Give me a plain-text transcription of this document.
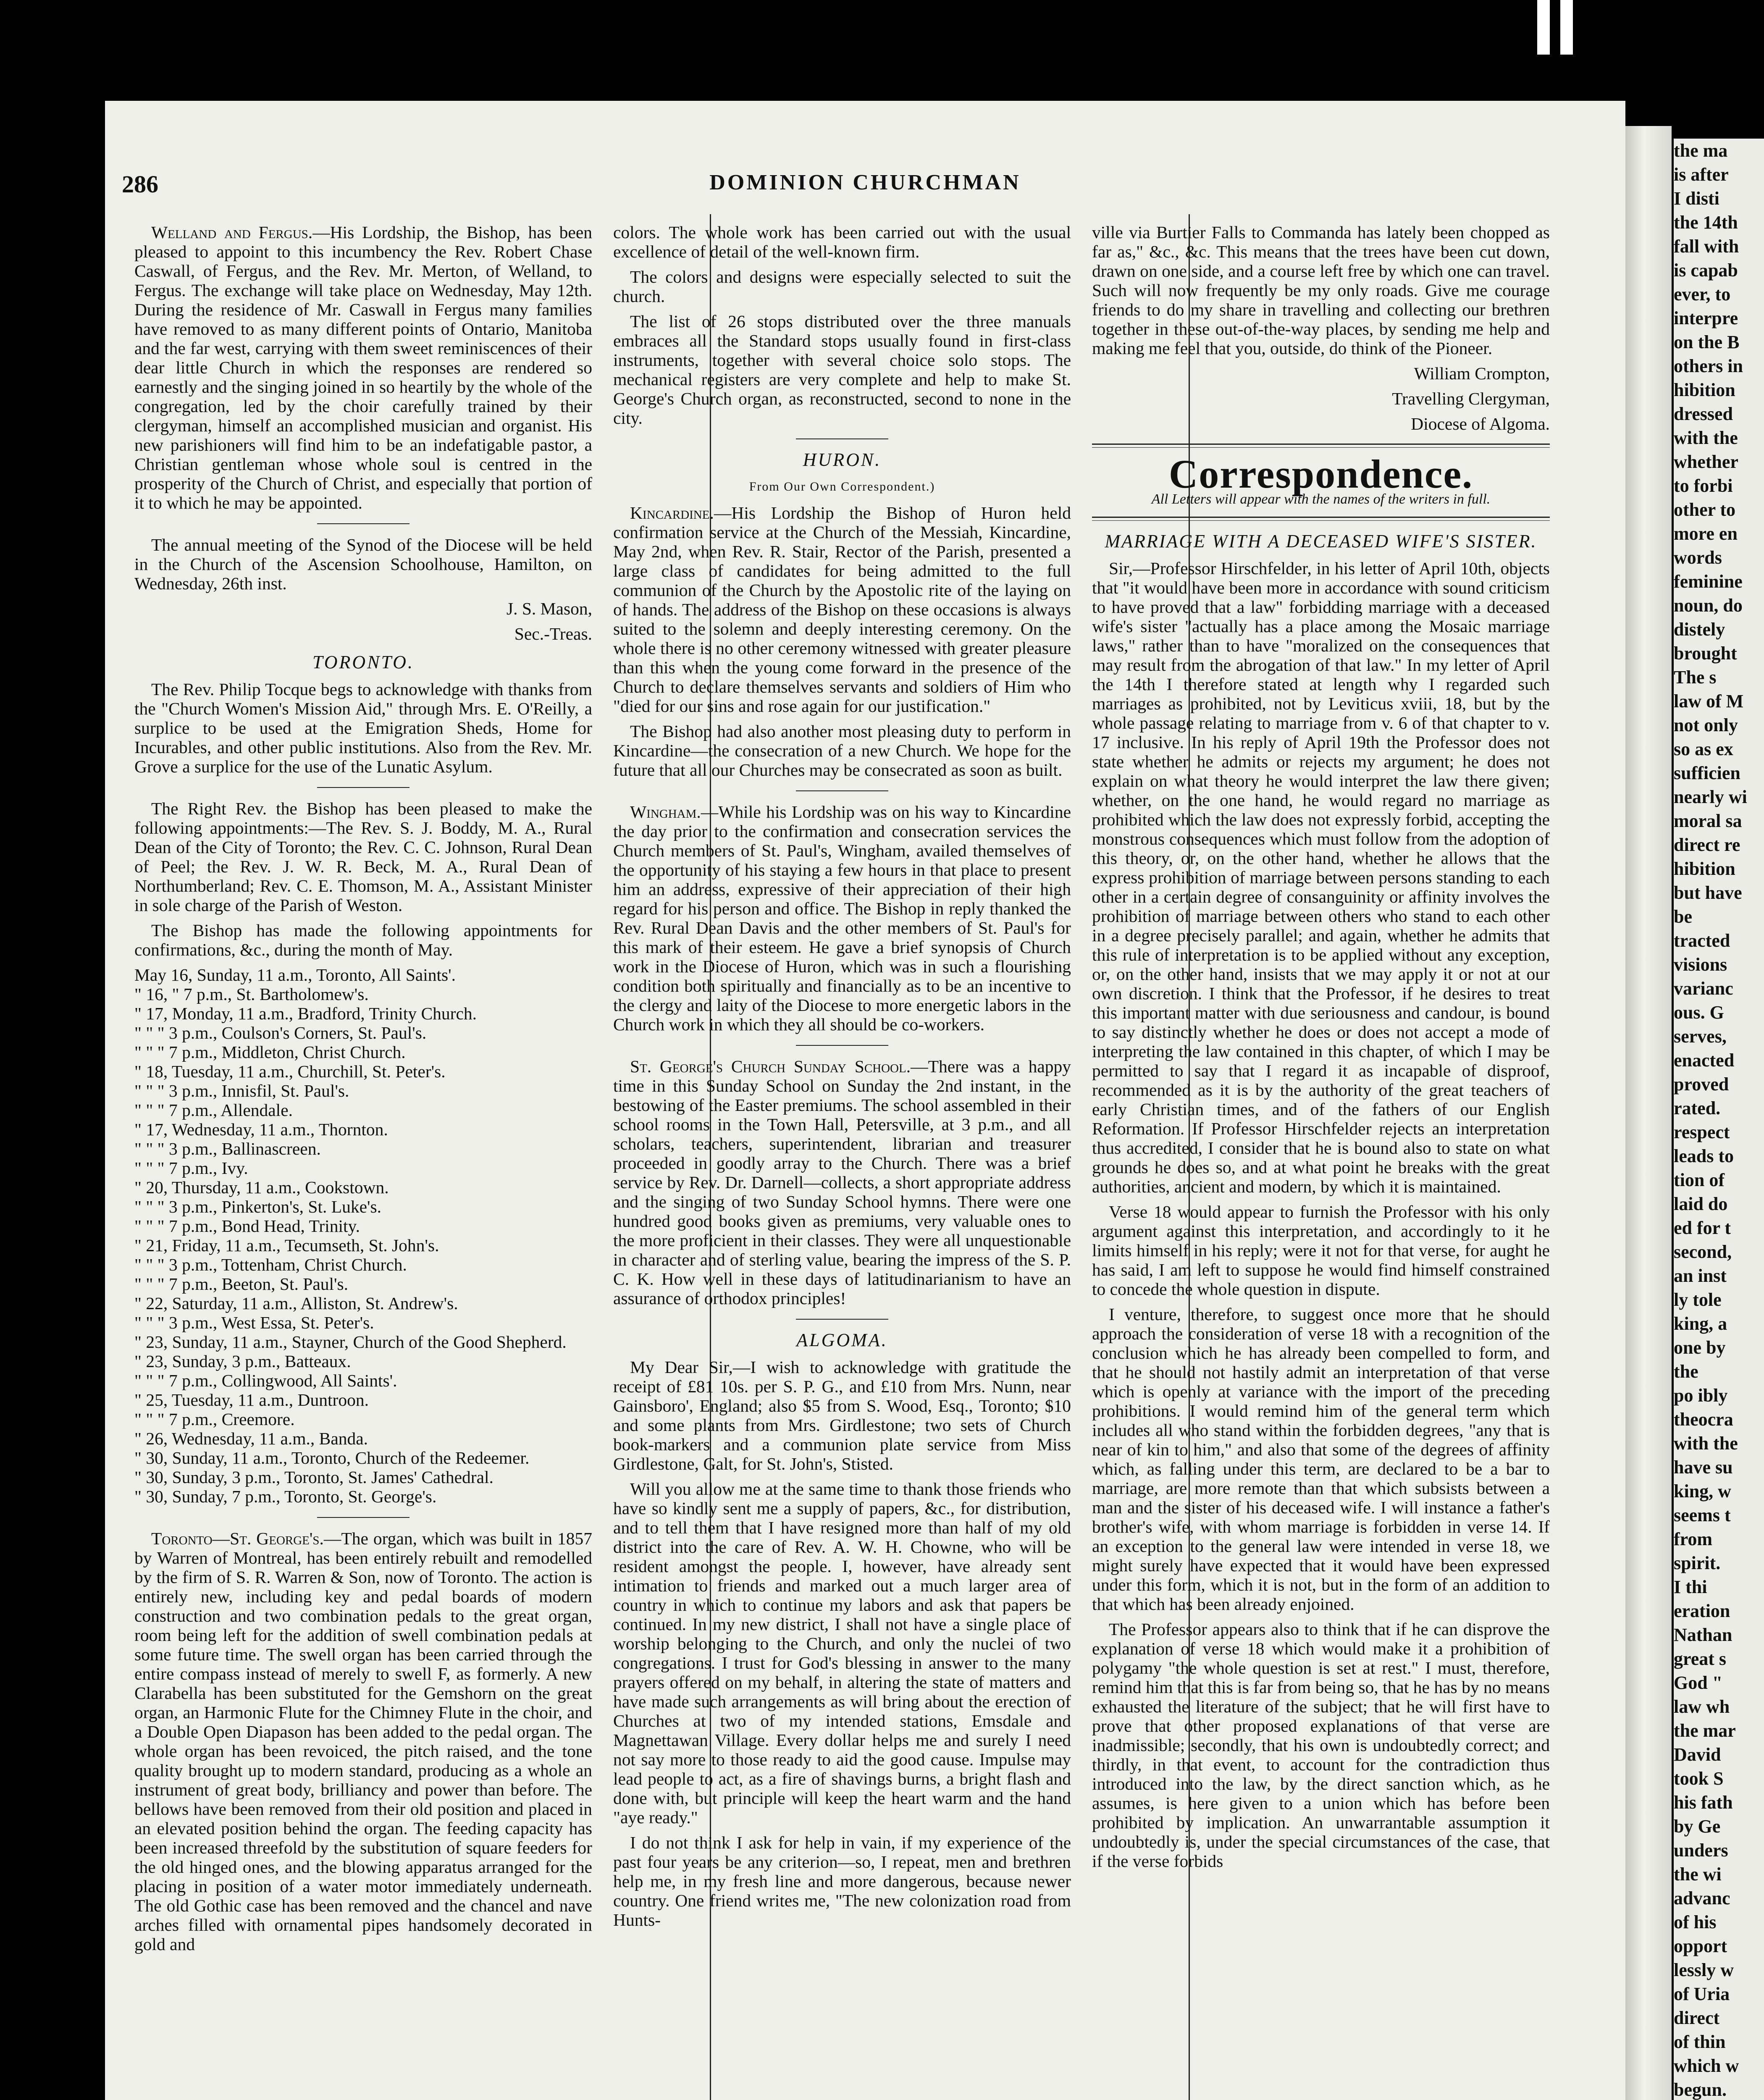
286	DOMINION CHURCHMAN

Welland and Fergus.—His Lordship, the Bishop, has been pleased to appoint to this incumbency the Rev. Robert Chase Caswall, of Fergus, and the Rev. Mr. Merton, of Welland, to Fergus. The exchange will take place on Wednesday, May 12th. During the residence of Mr. Caswall in Fergus many families have removed to as many different points of Ontario, Manitoba and the far west, carrying with them sweet reminiscences of their dear little Church in which the responses are rendered so earnestly and the singing joined in so heartily by the whole of the congregation, led by the choir carefully trained by their clergyman, himself an accomplished musician and organist. His new parishioners will find him to be an indefatigable pastor, a Christian gentleman whose whole soul is centred in the prosperity of the Church of Christ, and especially that portion of it to which he may be appointed.

The annual meeting of the Synod of the Diocese will be held in the Church of the Ascension Schoolhouse, Hamilton, on Wednesday, 26th inst.

J. S. Mason,

Sec.-Treas.

TORONTO.

The Rev. Philip Tocque begs to acknowledge with thanks from the "Church Women's Mission Aid," through Mrs. E. O'Reilly, a surplice to be used at the Emigration Sheds, Home for Incurables, and other public institutions. Also from the Rev. Mr. Grove a surplice for the use of the Lunatic Asylum.

The Right Rev. the Bishop has been pleased to make the following appointments:—The Rev. S. J. Boddy, M. A., Rural Dean of the City of Toronto; the Rev. C. C. Johnson, Rural Dean of Peel; the Rev. J. W. R. Beck, M. A., Rural Dean of Northumberland; Rev. C. E. Thomson, M. A., Assistant Minister in sole charge of the Parish of Weston.

The Bishop has made the following appointments for confirmations, &c., during the month of May.

May 16, Sunday, 11 a.m., Toronto, All Saints'.
" 16, " 7 p.m., St. Bartholomew's.
" 17, Monday, 11 a.m., Bradford, Trinity Church.
" " " 3 p.m., Coulson's Corners, St. Paul's.
" " " 7 p.m., Middleton, Christ Church.
" 18, Tuesday, 11 a.m., Churchill, St. Peter's.
" " " 3 p.m., Innisfil, St. Paul's.
" " " 7 p.m., Allendale.
" 17, Wednesday, 11 a.m., Thornton.
" " " 3 p.m., Ballinascreen.
" " " 7 p.m., Ivy.
" 20, Thursday, 11 a.m., Cookstown.
" " " 3 p.m., Pinkerton's, St. Luke's.
" " " 7 p.m., Bond Head, Trinity.
" 21, Friday, 11 a.m., Tecumseth, St. John's.
" " " 3 p.m., Tottenham, Christ Church.
" " " 7 p.m., Beeton, St. Paul's.
" 22, Saturday, 11 a.m., Alliston, St. Andrew's.
" " " 3 p.m., West Essa, St. Peter's.
" 23, Sunday, 11 a.m., Stayner, Church of the Good Shepherd.
" 23, Sunday, 3 p.m., Batteaux.
" " " 7 p.m., Collingwood, All Saints'.
" 25, Tuesday, 11 a.m., Duntroon.
" " " 7 p.m., Creemore.
" 26, Wednesday, 11 a.m., Banda.
" 30, Sunday, 11 a.m., Toronto, Church of the Redeemer.
" 30, Sunday, 3 p.m., Toronto, St. James' Cathedral.
" 30, Sunday, 7 p.m., Toronto, St. George's.

Toronto—St. George's.—The organ, which was built in 1857 by Warren of Montreal, has been entirely rebuilt and remodelled by the firm of S. R. Warren & Son, now of Toronto. The action is entirely new, including key and pedal boards of modern construction and two combination pedals to the great organ, room being left for the addition of swell combination pedals at some future time. The swell organ has been carried through the entire compass instead of merely to swell F, as formerly. A new Clarabella has been substituted for the Gemshorn on the great organ, an Harmonic Flute for the Chimney Flute in the choir, and a Double Open Diapason has been added to the pedal organ. The whole organ has been revoiced, the pitch raised, and the tone quality brought up to modern standard, producing as a whole an instrument of great body, brilliancy and power than before. The bellows have been removed from their old position and placed in an elevated position behind the organ. The feeding capacity has been increased threefold by the substitution of square feeders for the old hinged ones, and the blowing apparatus arranged for the placing in position of a water motor immediately underneath. The old Gothic case has been removed and the chancel and nave arches filled with ornamental pipes handsomely decorated in gold and

colors. The whole work has been carried out with the usual excellence of detail of the well-known firm.

The colors and designs were especially selected to suit the church.

The list of 26 stops distributed over the three manuals embraces all the Standard stops usually found in first-class instruments, together with several choice solo stops. The mechanical registers are very complete and help to make St. George's Church organ, as reconstructed, second to none in the city.

HURON.
From Our Own Correspondent.)

Kincardine.—His Lordship the Bishop of Huron held confirmation service at the Church of the Messiah, Kincardine, May 2nd, when Rev. R. Stair, Rector of the Parish, presented a large class of candidates for being admitted to the full communion of the Church by the Apostolic rite of the laying on of hands. The address of the Bishop on these occasions is always suited to the solemn and deeply interesting ceremony. On the whole there is no other ceremony witnessed with greater pleasure than this when the young come forward in the presence of the Church to declare themselves servants and soldiers of Him who "died for our sins and rose again for our justification."

The Bishop had also another most pleasing duty to perform in Kincardine—the consecration of a new Church. We hope for the future that all our Churches may be consecrated as soon as built.

Wingham.—While his Lordship was on his way to Kincardine the day prior to the confirmation and consecration services the Church members of St. Paul's, Wingham, availed themselves of the opportunity of his staying a few hours in that place to present him an address, expressive of their appreciation of their high regard for his person and office. The Bishop in reply thanked the Rev. Rural Dean Davis and the other members of St. Paul's for this mark of their esteem. He gave a brief synopsis of Church work in the Diocese of Huron, which was in such a flourishing condition both spiritually and financially as to be an incentive to the clergy and laity of the Diocese to more energetic labors in the Church work in which they all should be co-workers.

St. George's Church Sunday School.—There was a happy time in this Sunday School on Sunday the 2nd instant, in the bestowing of the Easter premiums. The school assembled in their school rooms in the Town Hall, Petersville, at 3 p.m., and all scholars, teachers, superintendent, librarian and treasurer proceeded in goodly array to the Church. There was a brief service by Rev. Dr. Darnell—collects, a short appropriate address and the singing of two Sunday School hymns. There were one hundred good books given as premiums, very valuable ones to the more proficient in their classes. They were all unquestionable in character and of sterling value, bearing the impress of the S. P. C. K. How well in these days of latitudinarianism to have an assurance of orthodox principles!

ALGOMA.

My Dear Sir,—I wish to acknowledge with gratitude the receipt of £81 10s. per S. P. G., and £10 from Mrs. Nunn, near Gainsboro', England; also $5 from S. Wood, Esq., Toronto; $10 and some plants from Mrs. Girdlestone; two sets of Church book-markers and a communion plate service from Miss Girdlestone, Galt, for St. John's, Stisted.

Will you allow me at the same time to thank those friends who have so kindly sent me a supply of papers, &c., for distribution, and to tell them that I have resigned more than half of my old district into the care of Rev. A. W. H. Chowne, who will be resident amongst the people. I, however, have already sent intimation to friends and marked out a much larger area of country in which to continue my labors and ask that papers be continued. In my new district, I shall not have a single place of worship belonging to the Church, and only the nuclei of two congregations. I trust for God's blessing in answer to the many prayers offered on my behalf, in altering the state of matters and have made such arrangements as will bring about the erection of Churches at two of my intended stations, Emsdale and Magnettawan Village. Every dollar helps me and surely I need not say more to those ready to aid the good cause. Impulse may lead people to act, as a fire of shavings burns, a bright flash and done with, but principle will keep the heart warm and the hand "aye ready."

I do not think I ask for help in vain, if my experience of the past four years be any criterion—so, I repeat, men and brethren help me, in my fresh line and more dangerous, because newer country. One friend writes me, "The new colonization road from Hunts-

ville via Burtier Falls to Commanda has lately been chopped as far as," &c., &c. This means that the trees have been cut down, drawn on one side, and a course left free by which one can travel. Such will now frequently be my only roads. Give me courage friends to do my share in travelling and collecting our brethren together in these out-of-the-way places, by sending me help and making me feel that you, outside, do think of the Pioneer.

William Crompton,

Travelling Clergyman,

Diocese of Algoma.

Correspondence.
All Letters will appear with the names of the writers in full.
MARRIAGE WITH A DECEASED WIFE'S SISTER.

Sir,—Professor Hirschfelder, in his letter of April 10th, objects that "it would have been more in accordance with sound criticism to have proved that a law" forbidding marriage with a deceased wife's sister "actually has a place among the Mosaic marriage laws," rather than to have "moralized on the consequences that may result from the abrogation of that law." In my letter of April the 14th I therefore stated at length why I regarded such marriages as prohibited, not by Leviticus xviii, 18, but by the whole passage relating to marriage from v. 6 of that chapter to v. 17 inclusive. In his reply of April 19th the Professor does not state whether he admits or rejects my argument; he does not explain on what theory he would interpret the law there given; whether, on the one hand, he would regard no marriage as prohibited which the law does not expressly forbid, accepting the monstrous consequences which must follow from the adoption of this theory, or, on the other hand, whether he allows that the express prohibition of marriage between persons standing to each other in a certain degree of consanguinity or affinity involves the prohibition of marriage between others who stand to each other in a degree precisely parallel; and again, whether he admits that this rule of interpretation is to be applied without any exception, or, on the other hand, insists that we may apply it or not at our own discretion. I think that the Professor, if he desires to treat this important matter with due seriousness and candour, is bound to say distinctly whether he does or does not accept a mode of interpreting the law contained in this chapter, of which I may be permitted to say that I regard it as incapable of disproof, recommended as it is by the authority of the great teachers of early Christian times, and of the fathers of our English Reformation. If Professor Hirschfelder rejects an interpretation thus accredited, I consider that he is bound also to state on what grounds he does so, and at what point he breaks with the great authorities, ancient and modern, by which it is maintained.

Verse 18 would appear to furnish the Professor with his only argument against this interpretation, and accordingly to it he limits himself in his reply; were it not for that verse, for aught he has said, I am left to suppose he would find himself constrained to concede the whole question in dispute.

I venture, therefore, to suggest once more that he should approach the consideration of verse 18 with a recognition of the conclusion which he has already been compelled to form, and that he should not hastily admit an interpretation of that verse which is openly at variance with the import of the preceding prohibitions. I would remind him of the general term which includes all who stand within the forbidden degrees, "any that is near of kin to him," and also that some of the degrees of affinity which, as falling under this term, are declared to be a bar to marriage, are more remote than that which subsists between a man and the sister of his deceased wife. I will instance a father's brother's wife, with whom marriage is forbidden in verse 14. If an exception to the general law were intended in verse 18, we might surely have expected that it would have been expressed under this form, which it is not, but in the form of an addition to that which has been already enjoined.

The Professor appears also to think that if he can disprove the explanation of verse 18 which would make it a prohibition of polygamy "the whole question is set at rest." I must, therefore, remind him that this is far from being so, that he has by no means exhausted the literature of the subject; that he will first have to prove that other proposed explanations of that verse are inadmissible; secondly, that his own is undoubtedly correct; and thirdly, in that event, to account for the contradiction thus introduced into the law, by the direct sanction which, as he assumes, is here given to a union which has before been prohibited by implication. An unwarrantable assumption it undoubtedly is, under the special circumstances of the case, that if the verse forbids

the ma

is after

I disti

the 14th

fall with

is capab

ever, to

interpre

on the B

others in

hibition

dressed

with the

whether

to forbi

other to

more en

words

feminine

noun, do

distely

brought

The s

law of M

not only

so as ex

sufficien

nearly wi

moral sa

direct re

hibition

but have

be

tracted

visions

varianc

ous. G

serves,

enacted

proved

rated.

respect

leads to

tion of

laid do

ed for t

second,

an inst

ly tole

king, a

one by

the

po ibly

theocra

with the

have su

king, w

seems t

from

spirit.

I thi

eration

Nathan

great s

God "

law wh

the mar

David

took S

his fath

by Ge

unders

the wi

advanc

of his

opport

lessly w

of Uria

direct

of thin

which w

begun.
